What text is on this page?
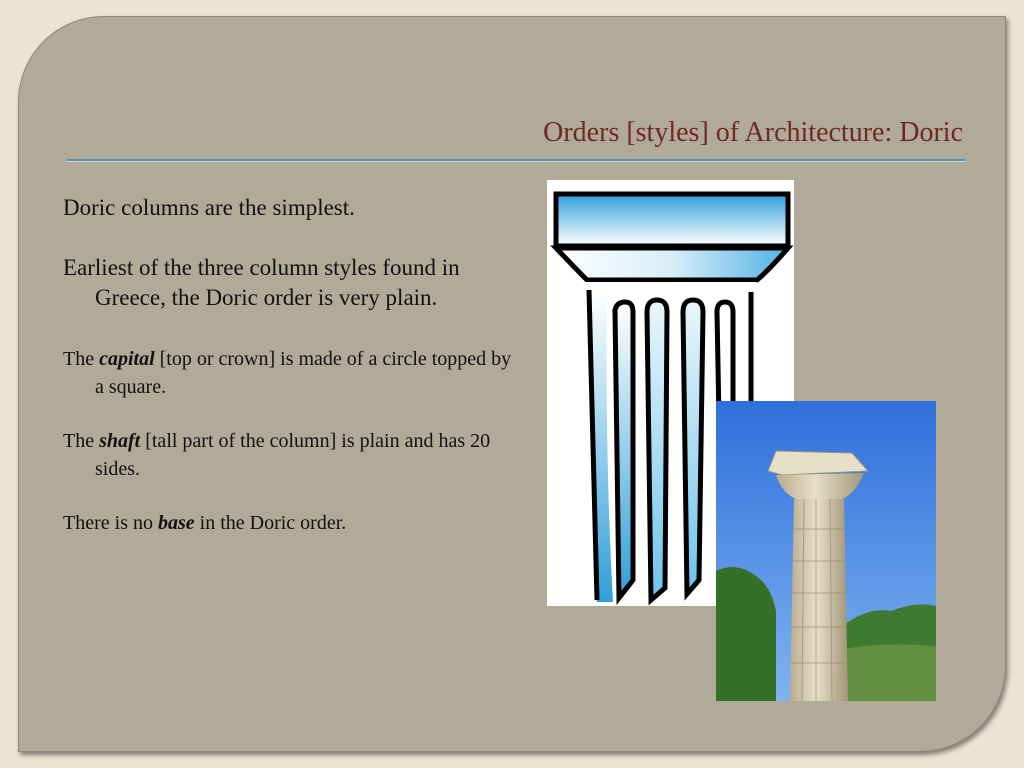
Orders [styles] of Architecture: Doric

Doric columns are the simplest.

Earliest of the three column styles found in Greece, the Doric order is very plain.

The capital [top or crown] is made of a circle topped by a square.

The shaft [tall part of the column] is plain and has 20 sides.

There is no base in the Doric order.
